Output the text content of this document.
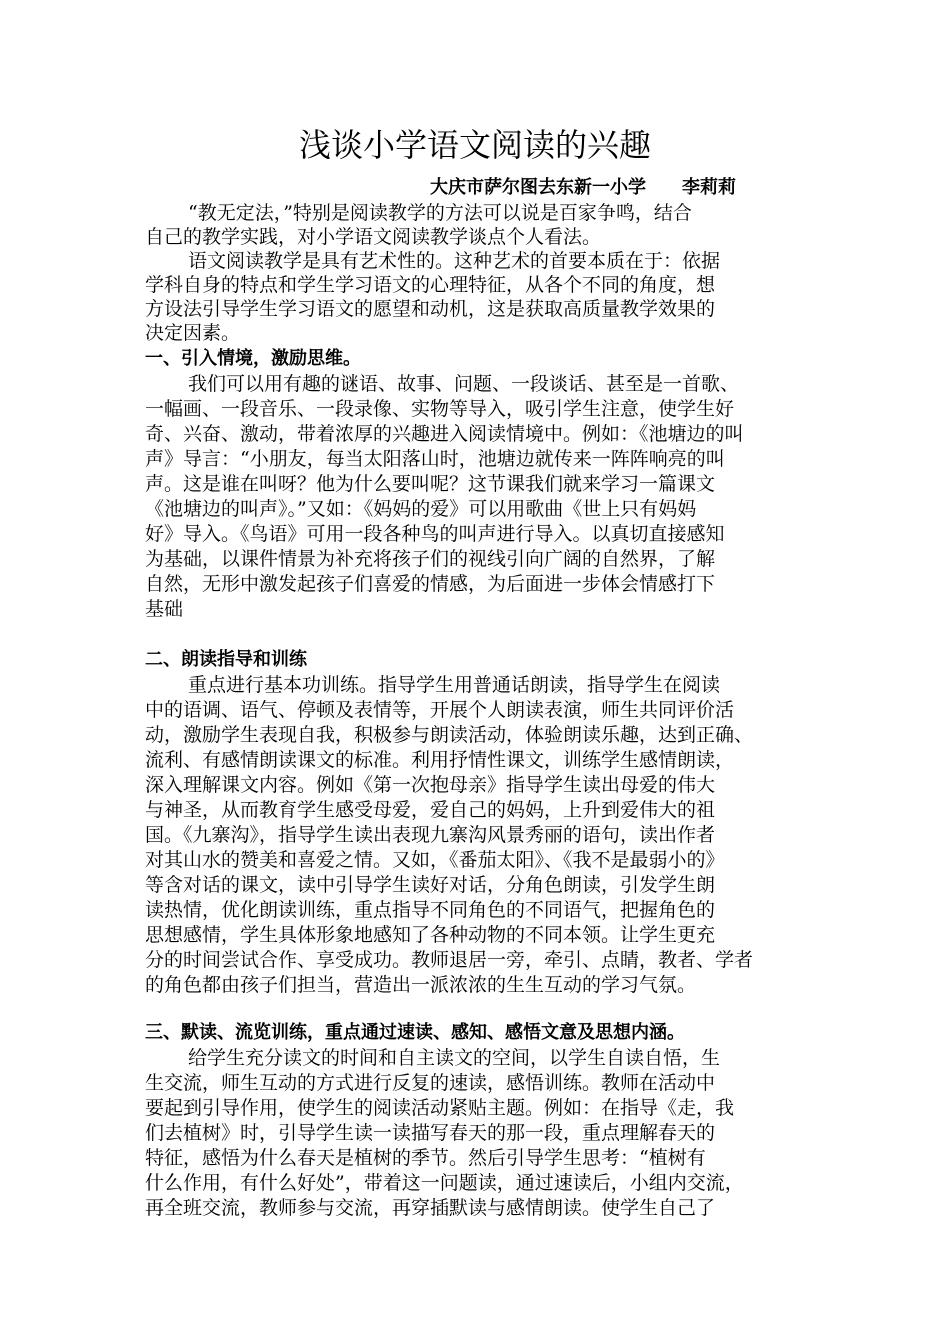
浅谈小学语文阅读的兴趣
大庆市萨尔图去东新一小学 李莉莉
“教无定法，”特别是阅读教学的方法可以说是百家争鸣，结合
自己的教学实践，对小学语文阅读教学谈点个人看法。
语文阅读教学是具有艺术性的。这种艺术的首要本质在于：依据
学科自身的特点和学生学习语文的心理特征，从各个不同的角度，想
方设法引导学生学习语文的愿望和动机，这是获取高质量教学效果的
决定因素。
一、引入情境，激励思维。
我们可以用有趣的谜语、故事、问题、一段谈话、甚至是一首歌、
一幅画、一段音乐、一段录像、实物等导入，吸引学生注意，使学生好
奇、兴奋、激动，带着浓厚的兴趣进入阅读情境中。例如：《池塘边的叫
声》导言：“小朋友，每当太阳落山时，池塘边就传来一阵阵响亮的叫
声。这是谁在叫呀？他为什么要叫呢？这节课我们就来学习一篇课文
《池塘边的叫声》。”又如：《妈妈的爱》可以用歌曲《世上只有妈妈
好》导入。《鸟语》可用一段各种鸟的叫声进行导入。以真切直接感知
为基础，以课件情景为补充将孩子们的视线引向广阔的自然界，了解
自然，无形中激发起孩子们喜爱的情感，为后面进一步体会情感打下
基础
二、朗读指导和训练
重点进行基本功训练。指导学生用普通话朗读，指导学生在阅读
中的语调、语气、停顿及表情等，开展个人朗读表演，师生共同评价活
动，激励学生表现自我，积极参与朗读活动，体验朗读乐趣，达到正确、
流利、有感情朗读课文的标准。利用抒情性课文，训练学生感情朗读，
深入理解课文内容。例如《第一次抱母亲》指导学生读出母爱的伟大
与神圣，从而教育学生感受母爱，爱自己的妈妈，上升到爱伟大的祖
国。《九寨沟》，指导学生读出表现九寨沟风景秀丽的语句，读出作者
对其山水的赞美和喜爱之情。又如，《番茄太阳》、《我不是最弱小的》
等含对话的课文，读中引导学生读好对话，分角色朗读，引发学生朗
读热情，优化朗读训练，重点指导不同角色的不同语气，把握角色的
思想感情，学生具体形象地感知了各种动物的不同本领。让学生更充
分的时间尝试合作、享受成功。教师退居一旁，牵引、点睛，教者、学者
的角色都由孩子们担当，营造出一派浓浓的生生互动的学习气氛。
三、默读、流览训练，重点通过速读、感知、感悟文意及思想内涵。
给学生充分读文的时间和自主读文的空间，以学生自读自悟，生
生交流，师生互动的方式进行反复的速读，感悟训练。教师在活动中
要起到引导作用，使学生的阅读活动紧贴主题。例如：在指导《走，我
们去植树》时，引导学生读一读描写春天的那一段，重点理解春天的
特征，感悟为什么春天是植树的季节。然后引导学生思考：“植树有
什么作用，有什么好处”，带着这一问题读，通过速读后，小组内交流，
再全班交流，教师参与交流，再穿插默读与感情朗读。使学生自己了
